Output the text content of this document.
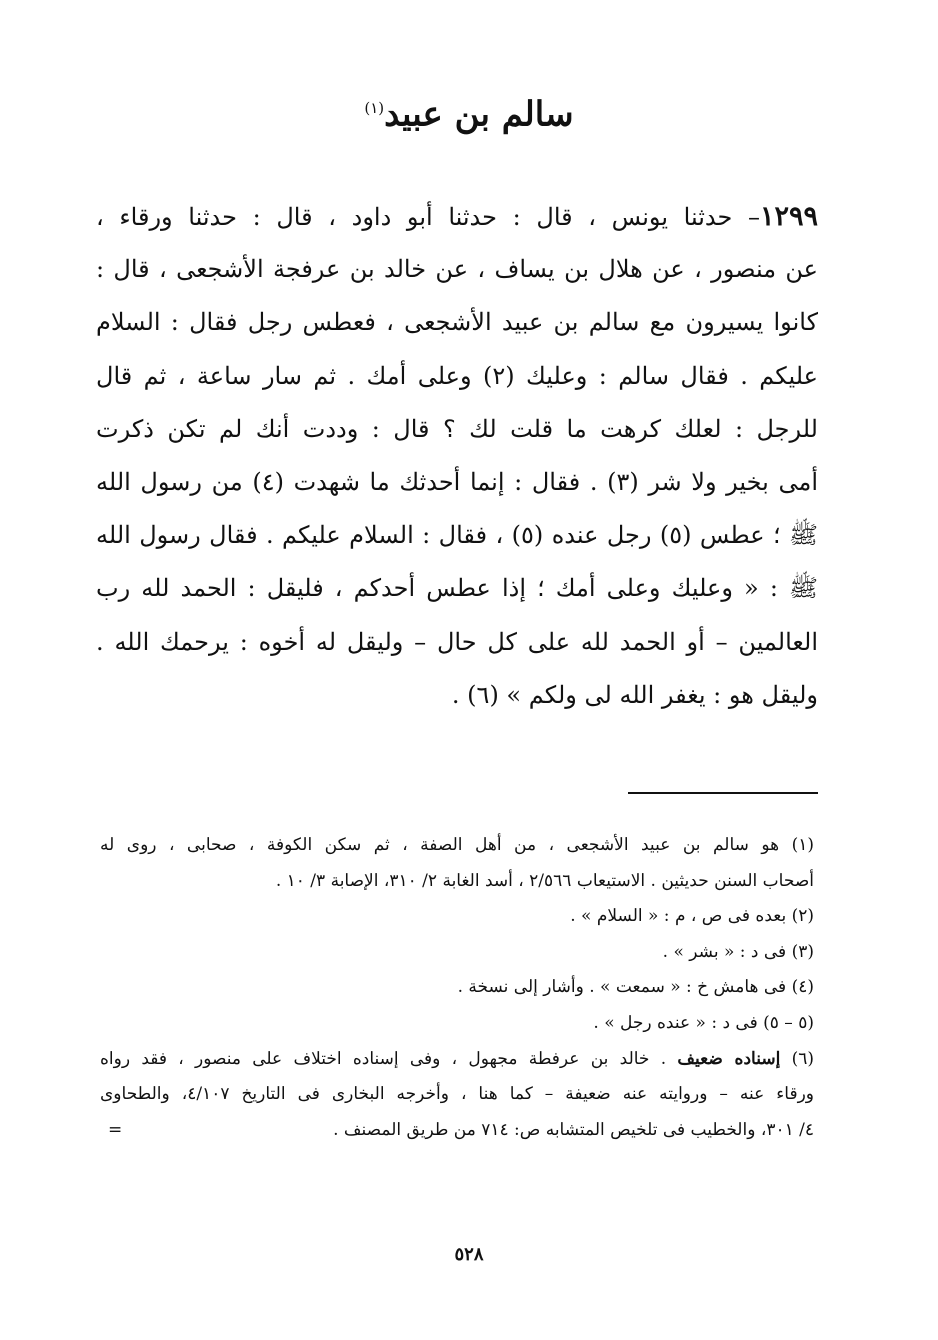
سالم بن عبيد$^{(١)}$
١٢٩٩– حدثنا يونس ، قال : حدثنا أبو داود ، قال : حدثنا ورقاء ،
عن منصور ، عن هلال بن يساف ، عن خالد بن عرفجة الأشجعى ، قال :
كانوا يسيرون مع سالم بن عبيد الأشجعى ، فعطس رجل فقال : السلام
عليكم . فقال سالم : وعليك (٢) وعلى أمك . ثم سار ساعة ، ثم قال
للرجل : لعلك كرهت ما قلت لك ؟ قال : وددت أنك لم تكن ذكرت
أمى بخير ولا شر (٣) . فقال : إنما أحدثك ما شهدت (٤) من رسول الله
ﷺ ؛ عطس (٥) رجل عنده (٥) ، فقال : السلام عليكم . فقال رسول الله
ﷺ : « وعليك وعلى أمك ؛ إذا عطس أحدكم ، فليقل : الحمد لله رب
العالمين – أو الحمد لله على كل حال – وليقل له أخوه : يرحمك الله .
وليقل هو : يغفر الله لى ولكم » (٦) .
(١) هو سالم بن عبيد الأشجعى ، من أهل الصفة ، ثم سكن الكوفة ، صحابى ، روى له
أصحاب السنن حديثين . الاستيعاب ٢/٥٦٦ ، أسد الغابة ٢/ ٣١٠، الإصابة ٣/ ١٠ .
(٢) بعده فى ص ، م : « السلام » .
(٣) فى د : « بشر » .
(٤) فى هامش خ : « سمعت » . وأشار إلى نسخة .
(٥ – ٥) فى د : « عنده رجل » .
(٦) إسناده ضعيف . خالد بن عرفطة مجهول ، وفى إسناده اختلاف على منصور ، فقد رواه
ورقاء عنه – وروايته عنه ضعيفة – كما هنا ، وأخرجه البخارى فى التاريخ ٤/١٠٧، والطحاوى
٤/ ٣٠١، والخطيب فى تلخيص المتشابه ص: ٧١٤ من طريق المصنف .
=
٥٢٨
